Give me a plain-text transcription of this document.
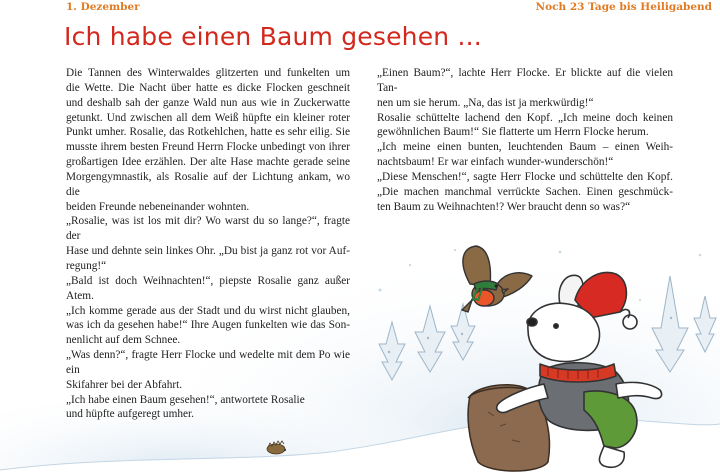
1. Dezember	Noch 23 Tage bis Heiligabend
Ich habe einen Baum gesehen ...
Die Tannen des Winterwaldes glitzerten und funkelten um
die Wette. Die Nacht über hatte es dicke Flocken geschneit
und deshalb sah der ganze Wald nun aus wie in Zuckerwatte
getunkt. Und zwischen all dem Weiß hüpfte ein kleiner roter
Punkt umher. Rosalie, das Rotkehlchen, hatte es sehr eilig. Sie
musste ihrem besten Freund Herrn Flocke unbedingt von ihrer
großartigen Idee erzählen. Der alte Hase machte gerade seine
Morgengymnastik, als Rosalie auf der Lichtung ankam, wo die
beiden Freunde nebeneinander wohnten.
„Rosalie, was ist los mit dir? Wo warst du so lange?“, fragte der
Hase und dehnte sein linkes Ohr. „Du bist ja ganz rot vor Auf-
regung!“
„Bald ist doch Weihnachten!“, piepste Rosalie ganz außer Atem.
„Ich komme gerade aus der Stadt und du wirst nicht glauben,
was ich da gesehen habe!“ Ihre Augen funkelten wie das Son-
nenlicht auf dem Schnee.
„Was denn?“, fragte Herr Flocke und wedelte mit dem Po wie ein
Skifahrer bei der Abfahrt.
„Ich habe einen Baum gesehen!“, antwortete Rosalie
und hüpfte aufgeregt umher.
„Einen Baum?“, lachte Herr Flocke. Er blickte auf die vielen Tan-
nen um sie herum. „Na, das ist ja merkwürdig!“
Rosalie schüttelte lachend den Kopf. „Ich meine doch keinen
gewöhnlichen Baum!“ Sie flatterte um Herrn Flocke herum.
„Ich meine einen bunten, leuchtenden Baum – einen Weih-
nachtsbaum! Er war einfach wunder-wunderschön!“
„Diese Menschen!“, sagte Herr Flocke und schüttelte den Kopf.
„Die machen manchmal verrückte Sachen. Einen geschmück-
ten Baum zu Weihnachten!? Wer braucht denn so was?“
